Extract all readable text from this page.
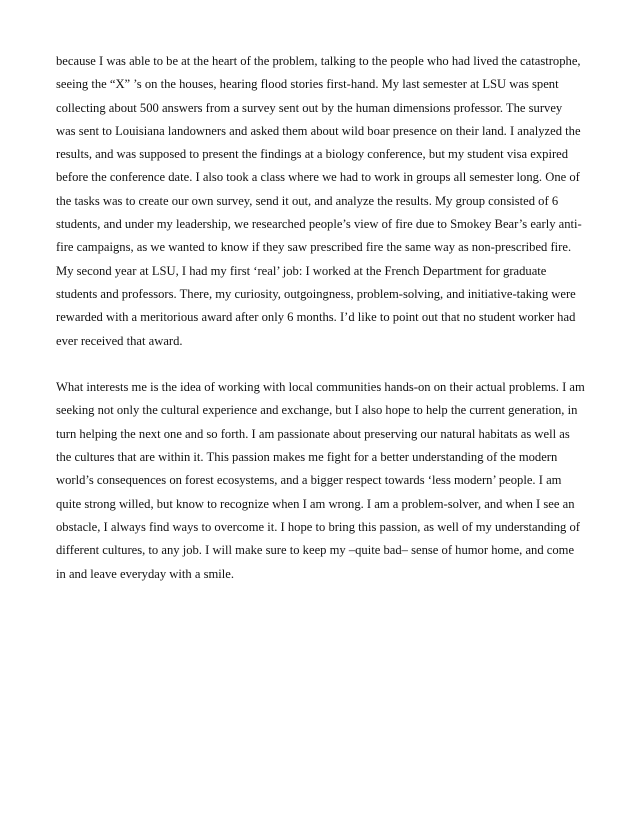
because I was able to be at the heart of the problem, talking to the people who had lived the catastrophe,
seeing the “X” ’s on the houses, hearing flood stories first-hand. My last semester at LSU was spent
collecting about 500 answers from a survey sent out by the human dimensions professor. The survey
was sent to Louisiana landowners and asked them about wild boar presence on their land. I analyzed the
results, and was supposed to present the findings at a biology conference, but my student visa expired
before the conference date. I also took a class where we had to work in groups all semester long. One of
the tasks was to create our own survey, send it out, and analyze the results. My group consisted of 6
students, and under my leadership, we researched people’s view of fire due to Smokey Bear’s early anti-
fire campaigns, as we wanted to know if they saw prescribed fire the same way as non-prescribed fire.
My second year at LSU, I had my first ‘real’ job: I worked at the French Department for graduate
students and professors. There, my curiosity, outgoingness, problem-solving, and initiative-taking were
rewarded with a meritorious award after only 6 months. I’d like to point out that no student worker had
ever received that award.
What interests me is the idea of working with local communities hands-on on their actual problems. I am
seeking not only the cultural experience and exchange, but I also hope to help the current generation, in
turn helping the next one and so forth. I am passionate about preserving our natural habitats as well as
the cultures that are within it. This passion makes me fight for a better understanding of the modern
world’s consequences on forest ecosystems, and a bigger respect towards ‘less modern’ people. I am
quite strong willed, but know to recognize when I am wrong. I am a problem-solver, and when I see an
obstacle, I always find ways to overcome it. I hope to bring this passion, as well of my understanding of
different cultures, to any job. I will make sure to keep my –quite bad– sense of humor home, and come
in and leave everyday with a smile.
